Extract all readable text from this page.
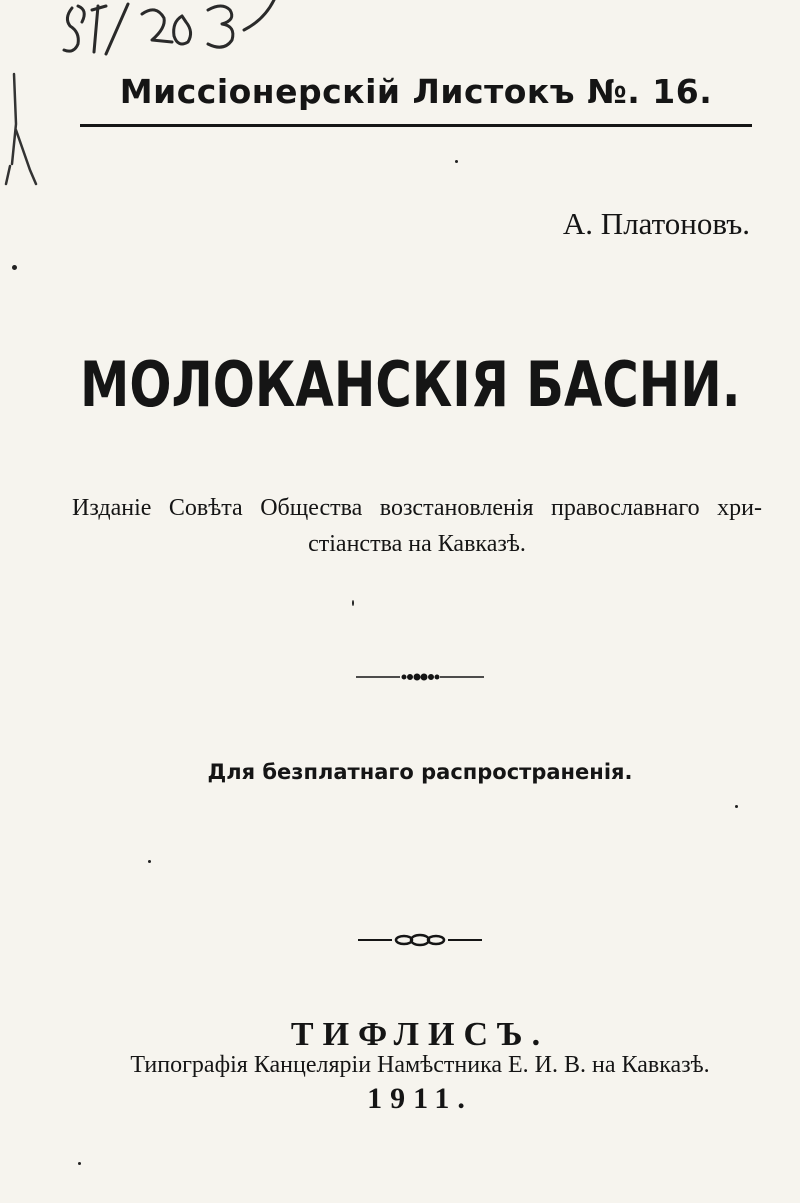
Миссіонерскій Листокъ №. 16.
А. Платоновъ.
МОЛОКАНСКІЯ БАСНИ.
Изданіе Совѣта Общества возстановленія православнаго хри-
стіанства на Кавказѣ.
Для безплатнаго распространенія.
ТИФЛИСЪ.
Типографія Канцеляріи Намѣстника Е. И. В. на Кавказѣ.
1911.
